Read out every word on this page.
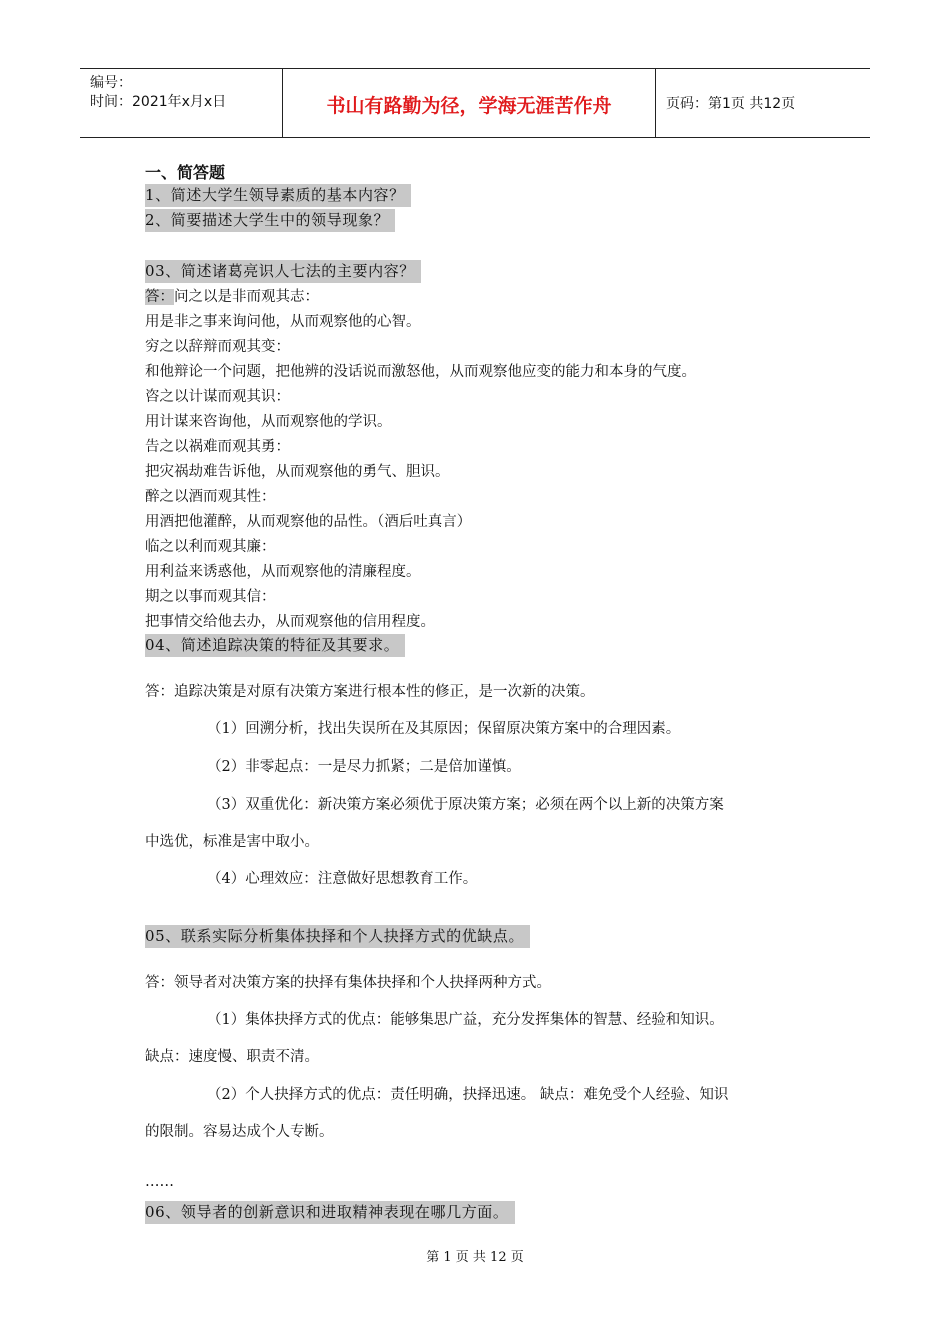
编号：
时间：2021年x月x日	书山有路勤为径，学海无涯苦作舟	页码：第1页 共12页
一、简答题
1、简述大学生领导素质的基本内容？
2、简要描述大学生中的领导现象？
03、简述诸葛亮识人七法的主要内容？
答：问之以是非而观其志：
用是非之事来询问他，从而观察他的心智。
穷之以辞辩而观其变：
和他辩论一个问题，把他辨的没话说而激怒他，从而观察他应变的能力和本身的气度。
咨之以计谋而观其识：
用计谋来咨询他，从而观察他的学识。
告之以祸难而观其勇：
把灾祸劫难告诉他，从而观察他的勇气、胆识。
醉之以酒而观其性：
用酒把他灌醉，从而观察他的品性。（酒后吐真言）
临之以利而观其廉：
用利益来诱惑他，从而观察他的清廉程度。
期之以事而观其信：
把事情交给他去办，从而观察他的信用程度。
04、简述追踪决策的特征及其要求。
答：追踪决策是对原有决策方案进行根本性的修正，是一次新的决策。
（1）回溯分析，找出失误所在及其原因；保留原决策方案中的合理因素。
（2）非零起点：一是尽力抓紧；二是倍加谨慎。
（3）双重优化：新决策方案必须优于原决策方案；必须在两个以上新的决策方案
中选优，标准是害中取小。
（4）心理效应：注意做好思想教育工作。
05、联系实际分析集体抉择和个人抉择方式的优缺点。
答：领导者对决策方案的抉择有集体抉择和个人抉择两种方式。
（1）集体抉择方式的优点：能够集思广益，充分发挥集体的智慧、经验和知识。
缺点：速度慢、职责不清。
（2）个人抉择方式的优点：责任明确，抉择迅速。 缺点：难免受个人经验、知识
的限制。容易达成个人专断。
……
06、领导者的创新意识和进取精神表现在哪几方面。
第 1 页 共 12 页
